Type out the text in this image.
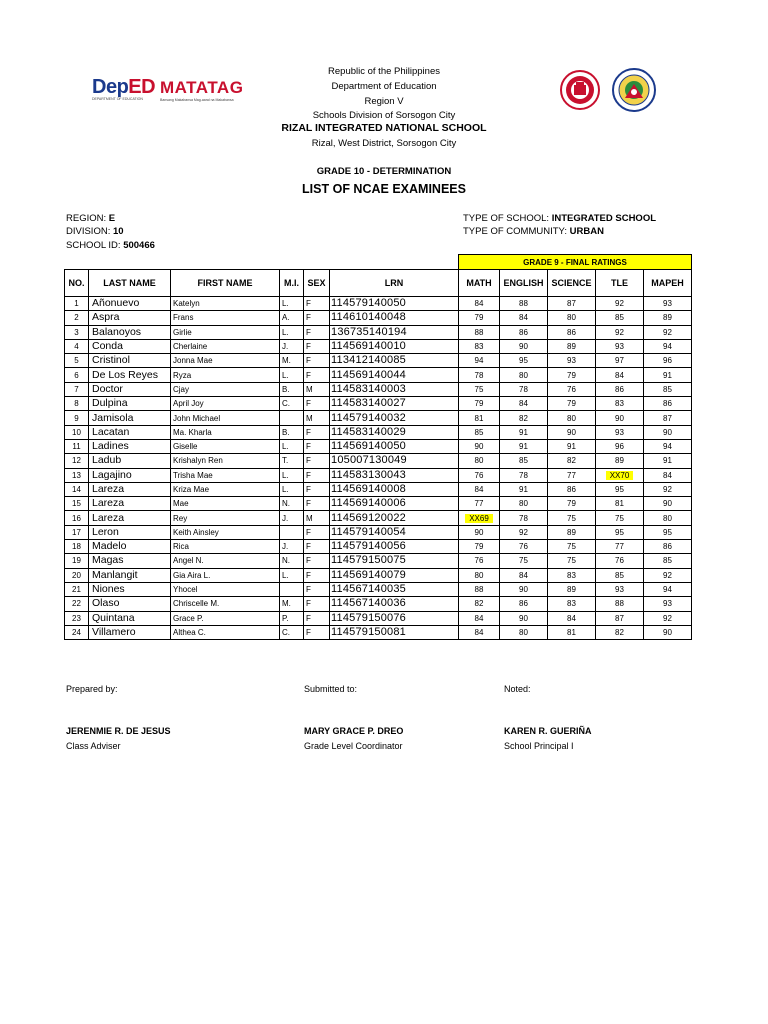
DepED
DEPARTMENT OF EDUCATION
MATATAG
Bansang Makabansa Mag-aaral na Makabansa
Republic of the Philippines
Department of Education
Region V
Schools Division of Sorsogon City
RIZAL INTEGRATED NATIONAL SCHOOL
Rizal, West District, Sorsogon City
GRADE 10 - DETERMINATION
LIST OF NCAE EXAMINEES
REGION: E
DIVISION: 10
SCHOOL ID: 500466
TYPE OF SCHOOL: INTEGRATED SCHOOL
TYPE OF COMMUNITY: URBAN
						GRADE 9 - FINAL RATINGS				
NO.	LAST NAME	FIRST NAME	M.I.	SEX	LRN	MATH	ENGLISH	SCIENCE	TLE	MAPEH
1	Añonuevo	Katelyn	L.	F	114579140050	84	88	87	92	93
2	Aspra	Frans	A.	F	114610140048	79	84	80	85	89
3	Balanoyos	Girlie	L.	F	136735140194	88	86	86	92	92
4	Conda	Cherlaine	J.	F	114569140010	83	90	89	93	94
5	Cristinol	Jonna Mae	M.	F	113412140085	94	95	93	97	96
6	De Los Reyes	Ryza	L.	F	114569140044	78	80	79	84	91
7	Doctor	Cjay	B.	M	114583140003	75	78	76	86	85
8	Dulpina	April Joy	C.	F	114583140027	79	84	79	83	86
9	Jamisola	John Michael		M	114579140032	81	82	80	90	87
10	Lacatan	Ma. Kharla	B.	F	114583140029	85	91	90	93	90
11	Ladines	Giselle	L.	F	114569140050	90	91	91	96	94
12	Ladub	Krishalyn Ren	T.	F	105007130049	80	85	82	89	91
13	Lagajino	Trisha Mae	L.	F	114583130043	76	78	77	XX70	84
14	Lareza	Kriza Mae	L.	F	114569140008	84	91	86	95	92
15	Lareza	Mae	N.	F	114569140006	77	80	79	81	90
16	Lareza	Rey	J.	M	114569120022	XX69	78	75	75	80
17	Leron	Keith Ainsley		F	114579140054	90	92	89	95	95
18	Madelo	Rica	J.	F	114579140056	79	76	75	77	86
19	Magas	Angel N.	N.	F	114579150075	76	75	75	76	85
20	Manlangit	Gia Aira L.	L.	F	114569140079	80	84	83	85	92
21	Niones	Yhocel		F	114567140035	88	90	89	93	94
22	Olaso	Chriscelle M.	M.	F	114567140036	82	86	83	88	93
23	Quintana	Grace P.	P.	F	114579150076	84	90	84	87	92
24	Villamero	Althea C.	C.	F	114579150081	84	80	81	82	90
Prepared by:	Submitted to:	Noted:
JERENMIE R. DE JESUS	MARY GRACE P. DREO	KAREN R. GUERIÑA
Class Adviser	Grade Level Coordinator	School Principal I
